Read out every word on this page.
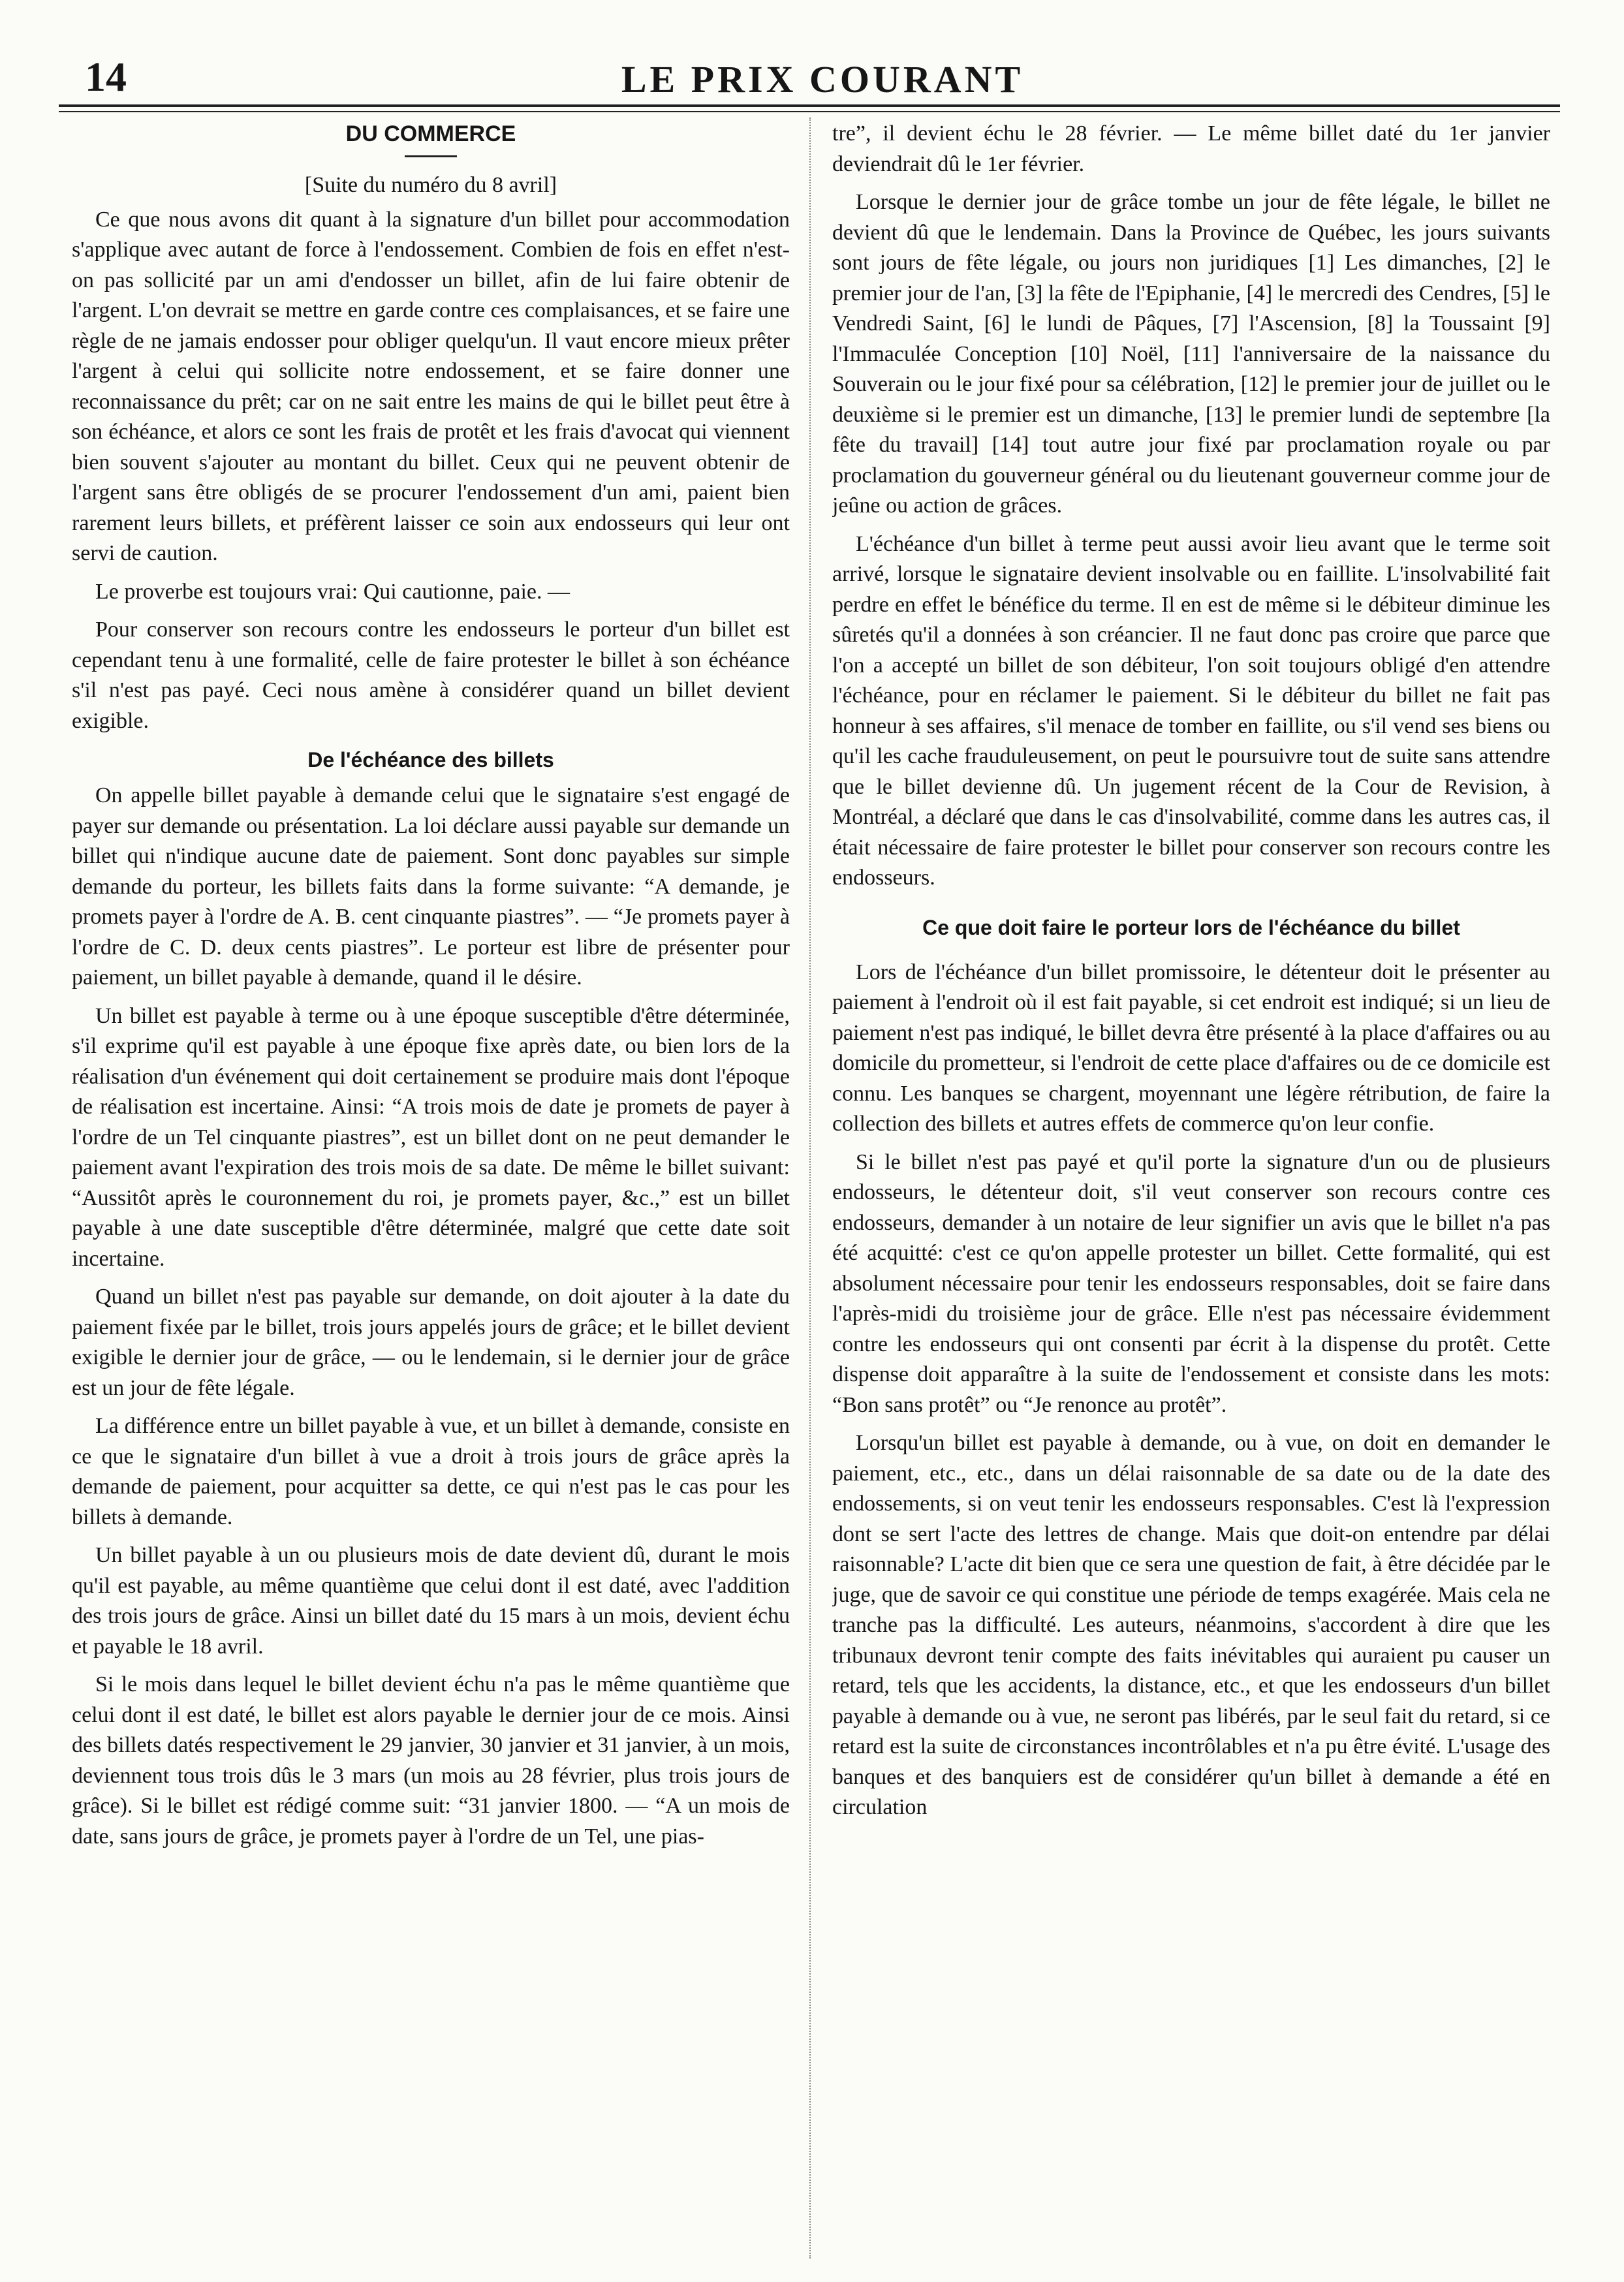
14	LE PRIX COURANT
DU COMMERCE
[Suite du numéro du 8 avril]

Ce que nous avons dit quant à la signature d'un billet pour accommodation s'applique avec autant de force à l'endossement. Combien de fois en effet n'est-on pas sollicité par un ami d'endosser un billet, afin de lui faire obtenir de l'argent. L'on devrait se mettre en garde contre ces complaisances, et se faire une règle de ne jamais endosser pour obliger quelqu'un. Il vaut encore mieux prêter l'argent à celui qui sollicite notre endossement, et se faire donner une reconnaissance du prêt; car on ne sait entre les mains de qui le billet peut être à son échéance, et alors ce sont les frais de protêt et les frais d'avocat qui viennent bien souvent s'ajouter au montant du billet. Ceux qui ne peuvent obtenir de l'argent sans être obligés de se procurer l'endossement d'un ami, paient bien rarement leurs billets, et préfèrent laisser ce soin aux endosseurs qui leur ont servi de caution.

Le proverbe est toujours vrai: Qui cautionne, paie. —

Pour conserver son recours contre les endosseurs le porteur d'un billet est cependant tenu à une formalité, celle de faire protester le billet à son échéance s'il n'est pas payé. Ceci nous amène à considérer quand un billet devient exigible.

De l'échéance des billets

On appelle billet payable à demande celui que le signataire s'est engagé de payer sur demande ou présentation. La loi déclare aussi payable sur demande un billet qui n'indique aucune date de paiement. Sont donc payables sur simple demande du porteur, les billets faits dans la forme suivante: “A demande, je promets payer à l'ordre de A. B. cent cinquante piastres”. — “Je promets payer à l'ordre de C. D. deux cents piastres”. Le porteur est libre de présenter pour paiement, un billet payable à demande, quand il le désire.

Un billet est payable à terme ou à une époque susceptible d'être déterminée, s'il exprime qu'il est payable à une époque fixe après date, ou bien lors de la réalisation d'un événement qui doit certainement se produire mais dont l'époque de réalisation est incertaine. Ainsi: “A trois mois de date je promets de payer à l'ordre de un Tel cinquante piastres”, est un billet dont on ne peut demander le paiement avant l'expiration des trois mois de sa date. De même le billet suivant: “Aussitôt après le couronnement du roi, je promets payer, &c.,” est un billet payable à une date susceptible d'être déterminée, malgré que cette date soit incertaine.

Quand un billet n'est pas payable sur demande, on doit ajouter à la date du paiement fixée par le billet, trois jours appelés jours de grâce; et le billet devient exigible le dernier jour de grâce, — ou le lendemain, si le dernier jour de grâce est un jour de fête légale.

La différence entre un billet payable à vue, et un billet à demande, consiste en ce que le signataire d'un billet à vue a droit à trois jours de grâce après la demande de paiement, pour acquitter sa dette, ce qui n'est pas le cas pour les billets à demande.

Un billet payable à un ou plusieurs mois de date devient dû, durant le mois qu'il est payable, au même quantième que celui dont il est daté, avec l'addition des trois jours de grâce. Ainsi un billet daté du 15 mars à un mois, devient échu et payable le 18 avril.

Si le mois dans lequel le billet devient échu n'a pas le même quantième que celui dont il est daté, le billet est alors payable le dernier jour de ce mois. Ainsi des billets datés respectivement le 29 janvier, 30 janvier et 31 janvier, à un mois, deviennent tous trois dûs le 3 mars (un mois au 28 février, plus trois jours de grâce). Si le billet est rédigé comme suit: “31 janvier 1800. — “A un mois de date, sans jours de grâce, je promets payer à l'ordre de un Tel, une pias-

tre”, il devient échu le 28 février. — Le même billet daté du 1er janvier deviendrait dû le 1er février.

Lorsque le dernier jour de grâce tombe un jour de fête légale, le billet ne devient dû que le lendemain. Dans la Province de Québec, les jours suivants sont jours de fête légale, ou jours non juridiques [1] Les dimanches, [2] le premier jour de l'an, [3] la fête de l'Epiphanie, [4] le mercredi des Cendres, [5] le Vendredi Saint, [6] le lundi de Pâques, [7] l'Ascension, [8] la Toussaint [9] l'Immaculée Conception [10] Noël, [11] l'anniversaire de la naissance du Souverain ou le jour fixé pour sa célébration, [12] le premier jour de juillet ou le deuxième si le premier est un dimanche, [13] le premier lundi de septembre [la fête du travail] [14] tout autre jour fixé par proclamation royale ou par proclamation du gouverneur général ou du lieutenant gouverneur comme jour de jeûne ou action de grâces.

L'échéance d'un billet à terme peut aussi avoir lieu avant que le terme soit arrivé, lorsque le signataire devient insolvable ou en faillite. L'insolvabilité fait perdre en effet le bénéfice du terme. Il en est de même si le débiteur diminue les sûretés qu'il a données à son créancier. Il ne faut donc pas croire que parce que l'on a accepté un billet de son débiteur, l'on soit toujours obligé d'en attendre l'échéance, pour en réclamer le paiement. Si le débiteur du billet ne fait pas honneur à ses affaires, s'il menace de tomber en faillite, ou s'il vend ses biens ou qu'il les cache frauduleusement, on peut le poursuivre tout de suite sans attendre que le billet devienne dû. Un jugement récent de la Cour de Revision, à Montréal, a déclaré que dans le cas d'insolvabilité, comme dans les autres cas, il était nécessaire de faire protester le billet pour conserver son recours contre les endosseurs.

Ce que doit faire le porteur lors de l'échéance du billet

Lors de l'échéance d'un billet promissoire, le détenteur doit le présenter au paiement à l'endroit où il est fait payable, si cet endroit est indiqué; si un lieu de paiement n'est pas indiqué, le billet devra être présenté à la place d'affaires ou au domicile du prometteur, si l'endroit de cette place d'affaires ou de ce domicile est connu. Les banques se chargent, moyennant une légère rétribution, de faire la collection des billets et autres effets de commerce qu'on leur confie.

Si le billet n'est pas payé et qu'il porte la signature d'un ou de plusieurs endosseurs, le détenteur doit, s'il veut conserver son recours contre ces endosseurs, demander à un notaire de leur signifier un avis que le billet n'a pas été acquitté: c'est ce qu'on appelle protester un billet. Cette formalité, qui est absolument nécessaire pour tenir les endosseurs responsables, doit se faire dans l'après-midi du troisième jour de grâce. Elle n'est pas nécessaire évidemment contre les endosseurs qui ont consenti par écrit à la dispense du protêt. Cette dispense doit apparaître à la suite de l'endossement et consiste dans les mots: “Bon sans protêt” ou “Je renonce au protêt”.

Lorsqu'un billet est payable à demande, ou à vue, on doit en demander le paiement, etc., etc., dans un délai raisonnable de sa date ou de la date des endossements, si on veut tenir les endosseurs responsables. C'est là l'expression dont se sert l'acte des lettres de change. Mais que doit-on entendre par délai raisonnable? L'acte dit bien que ce sera une question de fait, à être décidée par le juge, que de savoir ce qui constitue une période de temps exagérée. Mais cela ne tranche pas la difficulté. Les auteurs, néanmoins, s'accordent à dire que les tribunaux devront tenir compte des faits inévitables qui auraient pu causer un retard, tels que les accidents, la distance, etc., et que les endosseurs d'un billet payable à demande ou à vue, ne seront pas libérés, par le seul fait du retard, si ce retard est la suite de circonstances incontrôlables et n'a pu être évité. L'usage des banques et des banquiers est de considérer qu'un billet à demande a été en circulation
